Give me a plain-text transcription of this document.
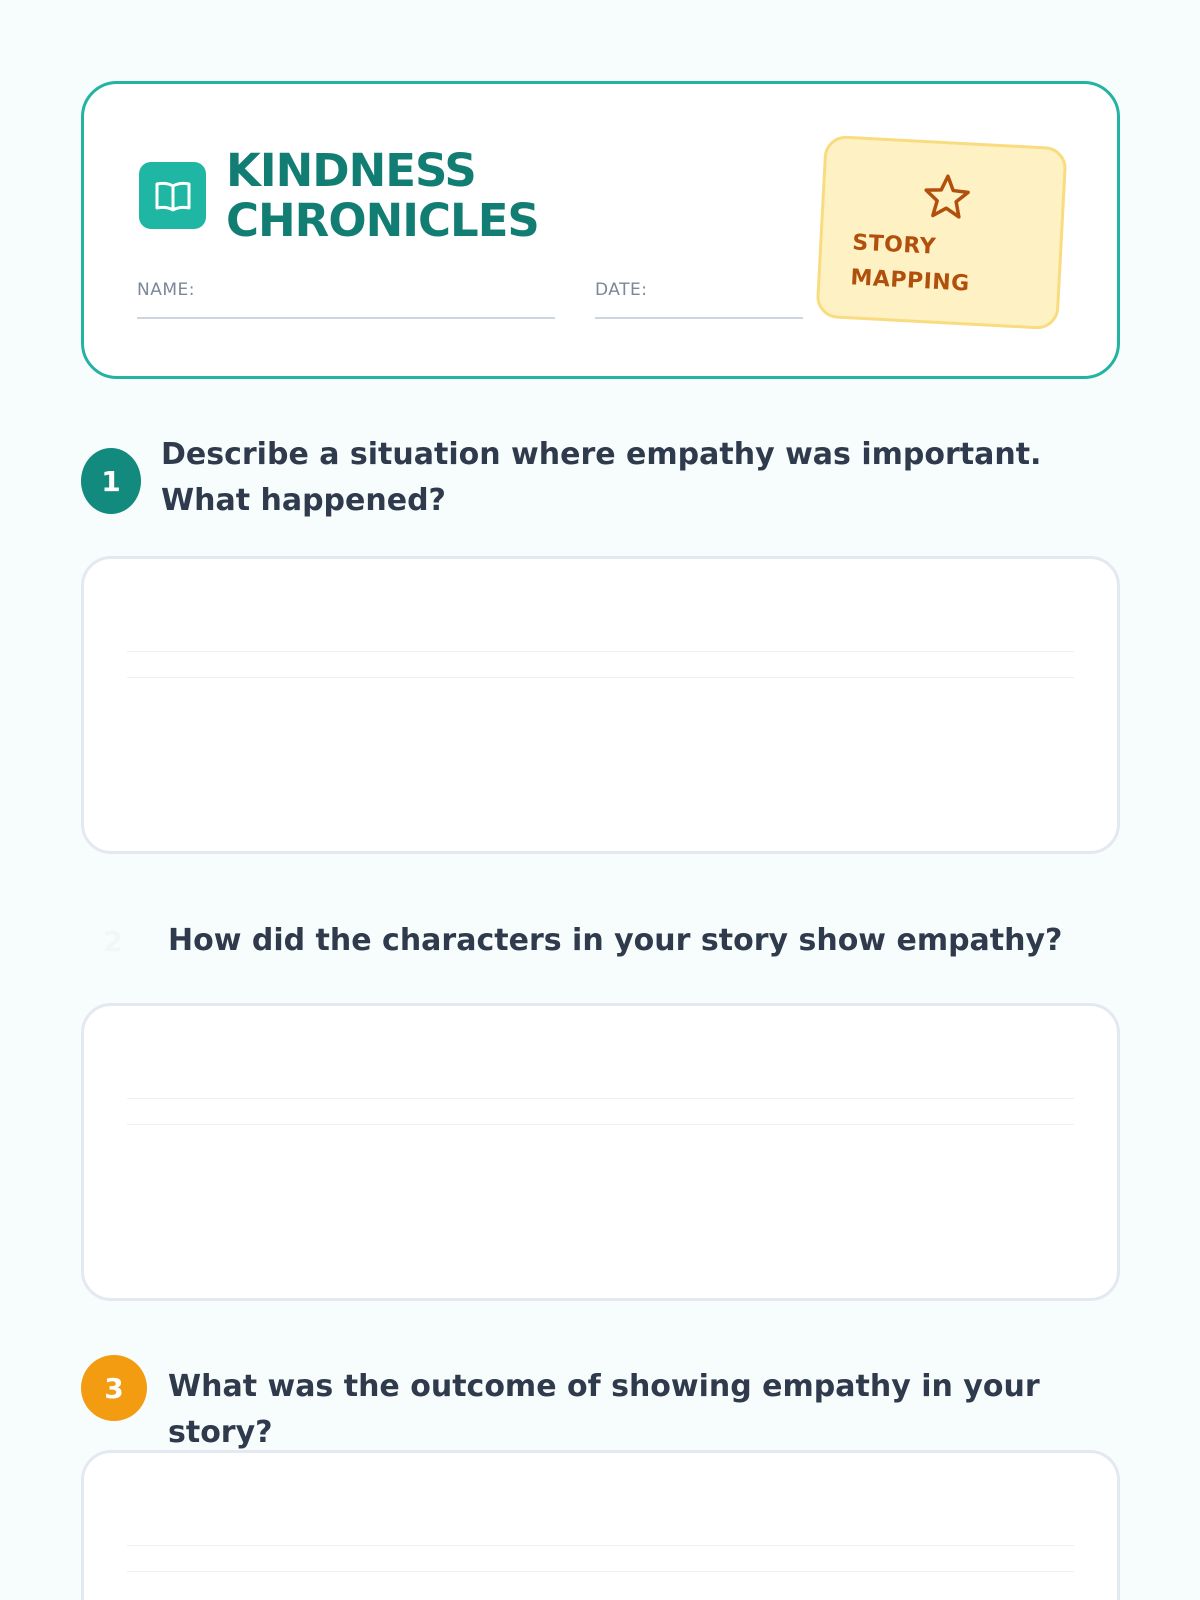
KINDNESS
CHRONICLES
NAME:	DATE:
STORY
MAPPING
1
Describe a situation where empathy was important. What happened?
2	How did the characters in your story show empathy?
3	What was the outcome of showing empathy in your story?
